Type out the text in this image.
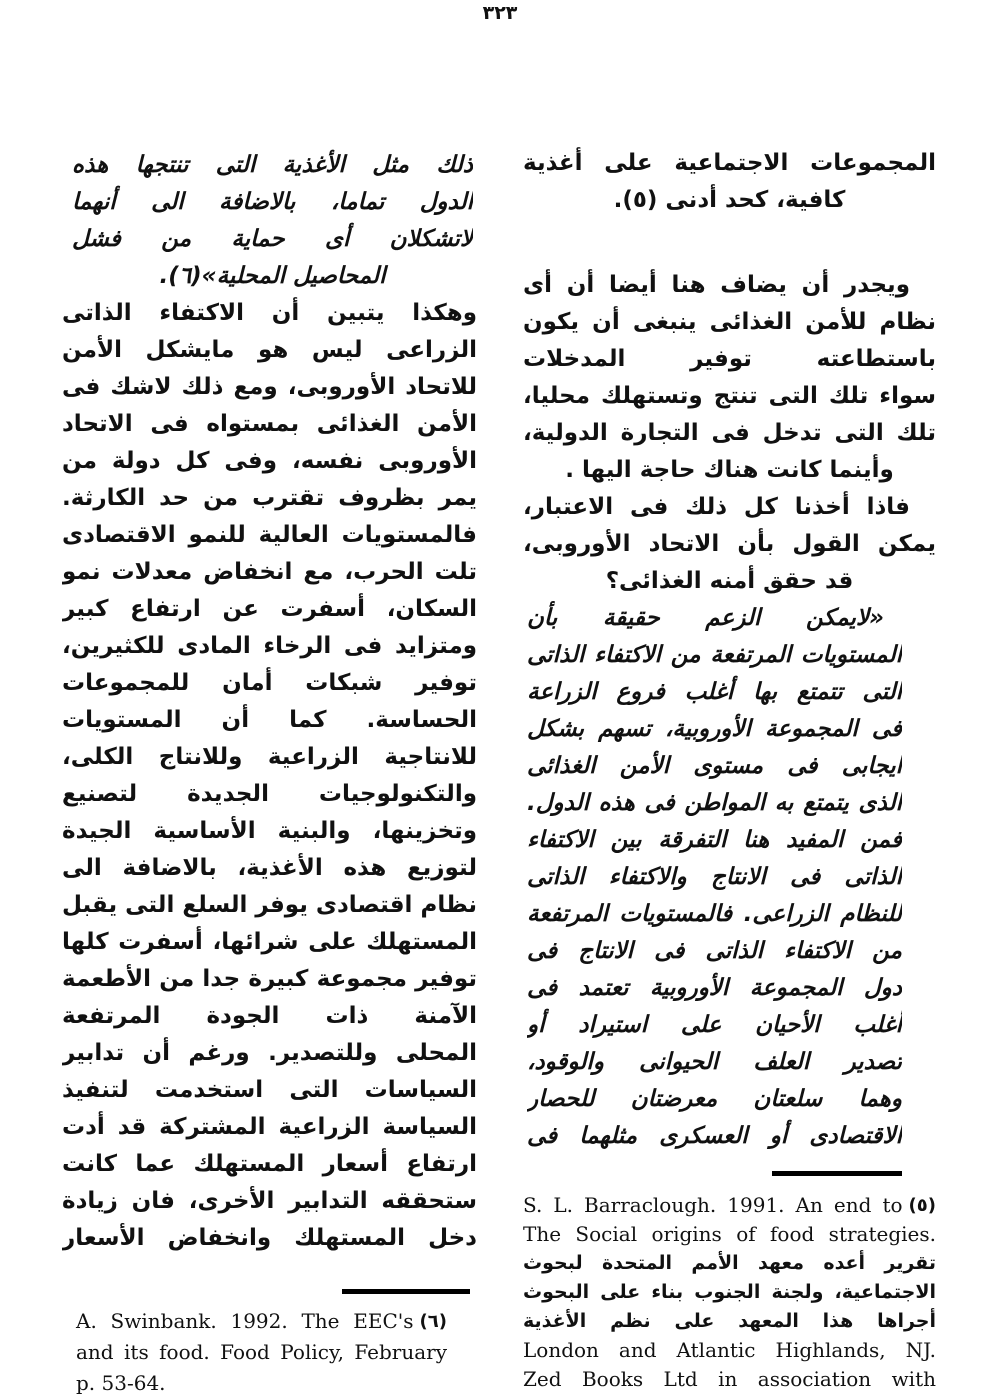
٣٢٣
المجموعات الاجتماعية على أغذية
كافية، كحد أدنى (٥).
ويجدر أن يضاف هنا أيضا أن أى
نظام للأمن الغذائى ينبغى أن يكون
باستطاعته توفير المدخلات
سواء تلك التى تنتج وتستهلك محليا،
تلك التى تدخل فى التجارة الدولية،
وأينما كانت هناك حاجة اليها .
فاذا أخذنا كل ذلك فى الاعتبار،
يمكن القول بأن الاتحاد الأوروبى،
قد حقق أمنه الغذائى؟
«لايمكن الزعم حقيقة بأن
المستويات المرتفعة من الاكتفاء الذاتى
التى تتمتع بها أغلب فروع الزراعة
فى المجموعة الأوروبية، تسهم بشكل
ايجابى فى مستوى الأمن الغذائى
الذى يتمتع به المواطن فى هذه الدول.
فمن المفيد هنا التفرقة بين الاكتفاء
الذاتى فى الانتاج والاكتفاء الذاتى
للنظام الزراعى. فالمستويات المرتفعة
من الاكتفاء الذاتى فى الانتاج فى
دول المجموعة الأوروبية تعتمد فى
أغلب الأحيان على استيراد أو
تصدير العلف الحيوانى والوقود،
وهما سلعتان معرضتان للحصار
الاقتصادى أو العسكرى مثلهما فى
ذلك مثل الأغذية التى تنتجها هذه
الدول تماما، بالاضافة الى أنهما
لاتشكلان أى حماية من فشل
المحاصيل المحلية»(٦).
وهكذا يتبين أن الاكتفاء الذاتى
الزراعى ليس هو مايشكل الأمن
للاتحاد الأوروبى، ومع ذلك لاشك فى
الأمن الغذائى بمستواه فى الاتحاد
الأوروبى نفسه، وفى كل دولة من
يمر بظروف تقترب من حد الكارثة.
فالمستويات العالية للنمو الاقتصادى
تلت الحرب، مع انخفاض معدلات نمو
السكان، أسفرت عن ارتفاع كبير
ومتزايد فى الرخاء المادى للكثيرين،
توفير شبكات أمان للمجموعات
الحساسة. كما أن المستويات
للانتاجية الزراعية وللانتاج الكلى،
والتكنولوجيات الجديدة لتصنيع
وتخزينها، والبنية الأساسية الجيدة
لتوزيع هذه الأغذية، بالاضافة الى
نظام اقتصادى يوفر السلع التى يقبل
المستهلك على شرائها، أسفرت كلها
توفير مجموعة كبيرة جدا من الأطعمة
الآمنة ذات الجودة المرتفعة
المحلى وللتصدير. ورغم أن تدابير
السياسات التى استخدمت لتنفيذ
السياسة الزراعية المشتركة قد أدت
ارتفاع أسعار المستهلك عما كانت
ستحققه التدابير الأخرى، فان زيادة
دخل المستهلك وانخفاض الأسعار
S. L. Barraclough. 1991. An end to (٥)
The Social origins of food strategies.
تقرير أعده معهد الأمم المتحدة لبحوث
الاجتماعية، ولجنة الجنوب بناء على البحوث
أجراها هذا المعهد على نظم الأغذية
London and Atlantic Highlands, NJ.
Zed Books Ltd in association with
A. Swinbank. 1992. The EEC's (٦)
and its food. Food Policy, February
p. 53-64.
